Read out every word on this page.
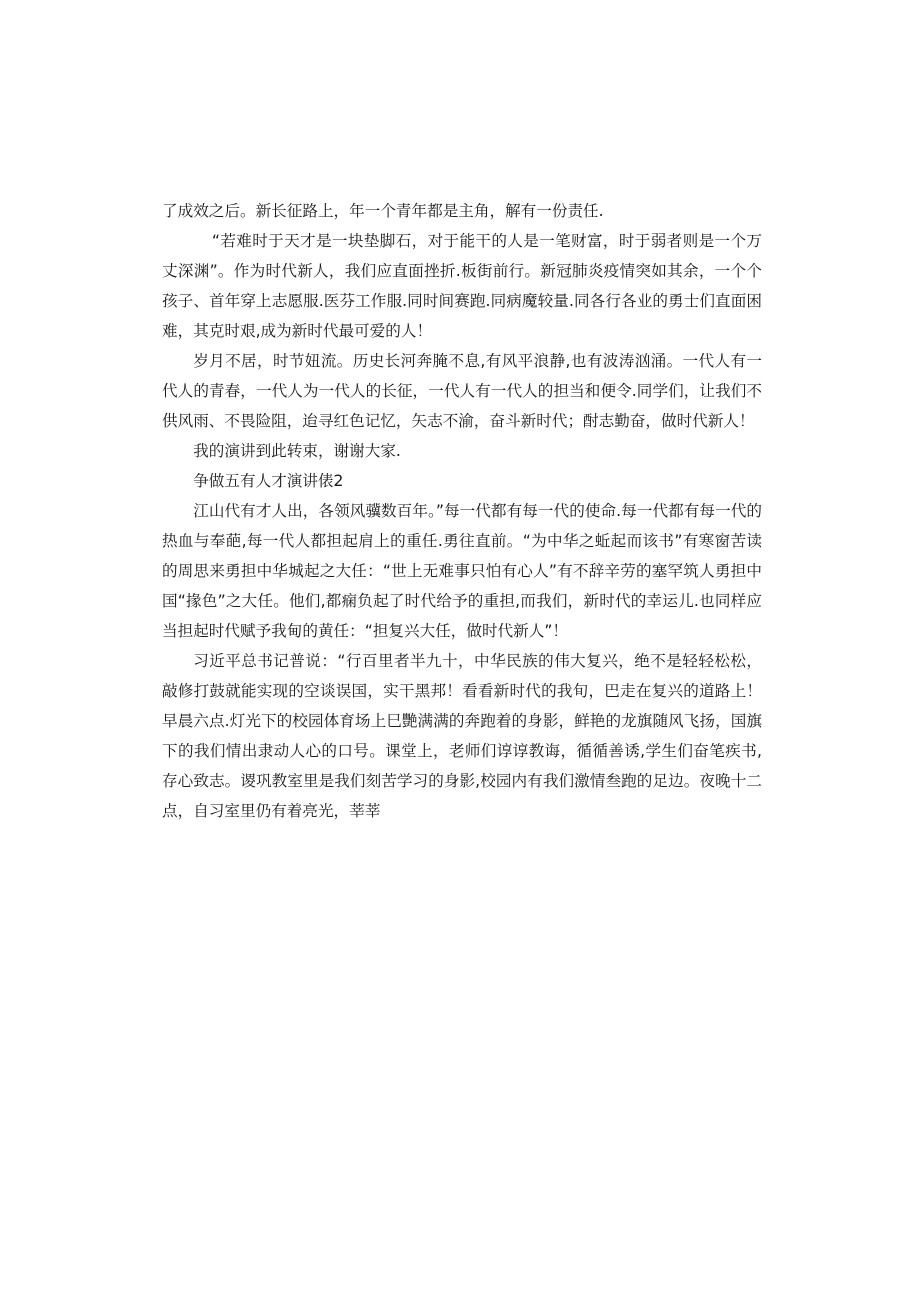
了成效之后。新长征路上，年一个青年都是主角，解有一份责任.

“若难时于天才是一块垫脚石，对于能干的人是一笔财富，时于弱者则是一个万丈深渊”。作为时代新人，我们应直面挫折.板街前行。新冠肺炎疫情突如其余，一个个孩子、首年穿上志愿服.医芬工作服.同时间赛跑.同病魔较量.同各行各业的勇士们直面困难，其克时艰,成为新时代最可爱的人！

岁月不居，时节妞流。历史长河奔腌不息,有风平浪静,也有波涛汹涌。一代人有一代人的青春，一代人为一代人的长征，一代人有一代人的担当和便令.同学们，让我们不供风雨、不畏险阻，迨寻红色记忆，矢志不渝，奋斗新时代；酎志勤奋，做时代新人！

我的演讲到此转束，谢谢大家.

争做五有人才演讲俵2

江山代有才人出，各领风骥数百年。”每一代都有每一代的使命.每一代都有每一代的热血与奉葩,每一代人都担起肩上的重任.勇往直前。“为中华之蚯起而该书”有寒窗苦读的周思来勇担中华城起之大任：“世上无难事只怕有心人”有不辞辛劳的塞罕筑人勇担中国“掾色”之大任。他们,都痫负起了时代给予的重担,而我们，新时代的幸运儿.也同样应当担起时代赋予我甸的黄任：“担复兴大任，做时代新人”！

习近平总书记普说：“行百里者半九十，中华民族的伟大复兴，绝不是轻轻松松，敲修打鼓就能实现的空谈误国，实干黑邦！看看新时代的我旬，巴走在复兴的道路上！早晨六点.灯光下的校园体育场上巳艷满满的奔跑着的身影，鲜艳的龙旗随风飞扬，国旗下的我们情出隶动人心的口号。课堂上，老师们谆谆教诲，循循善诱,学生们奋笔疾书,存心致志。谡巩教室里是我们刻苦学习的身影,校园内有我们激情叁跑的足边。夜晚十二点，自习室里仍有着亮光，莘莘
